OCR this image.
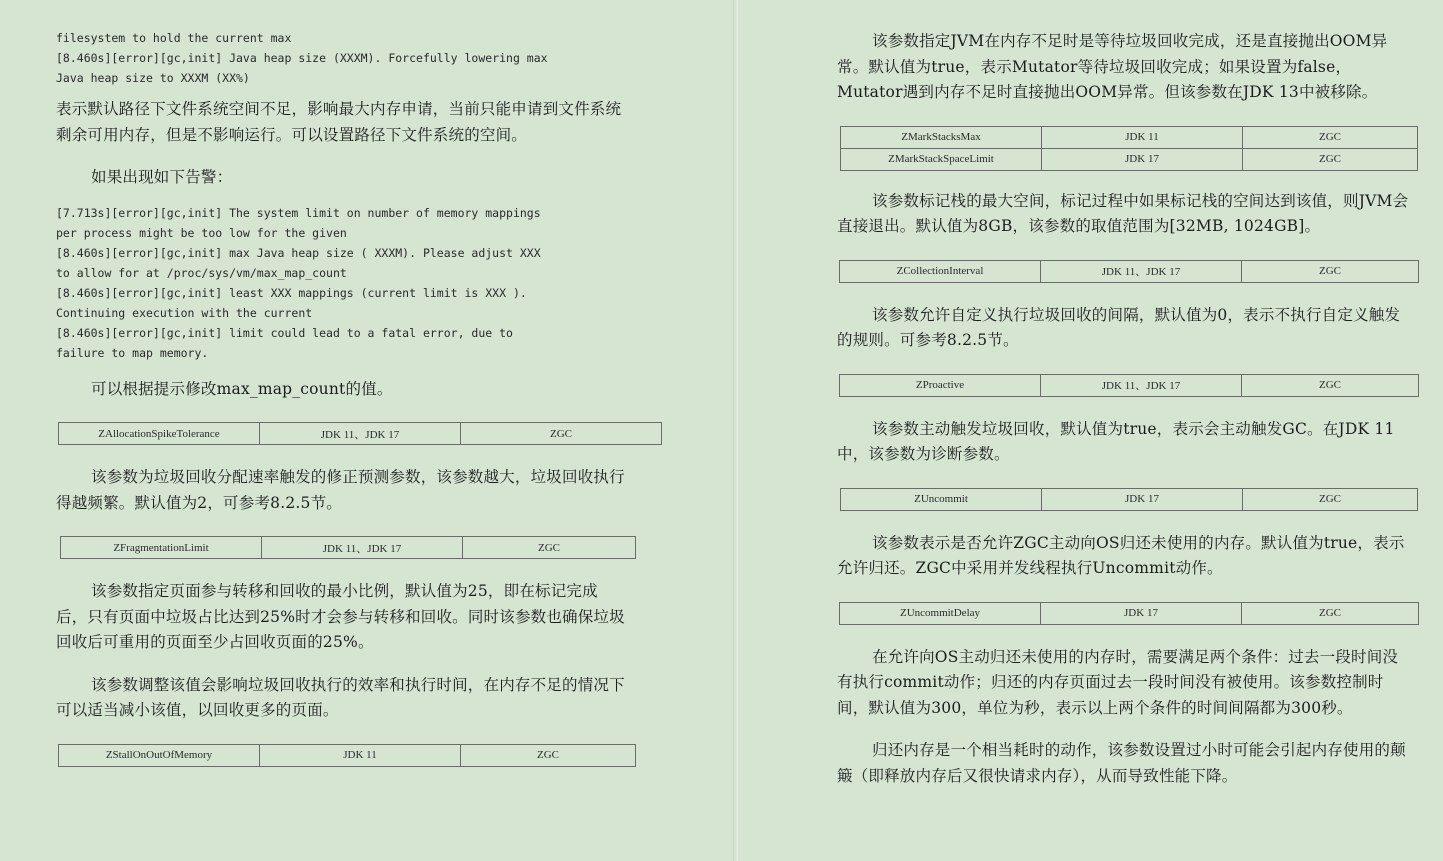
filesystem to hold the current max
[8.460s][error][gc,init] Java heap size (XXXM). Forcefully lowering max
Java heap size to XXXM (XX%)

表示默认路径下文件系统空间不足，影响最大内存申请，当前只能申请到文件系统剩余可用内存，但是不影响运行。可以设置路径下文件系统的空间。

如果出现如下告警：

[7.713s][error][gc,init] The system limit on number of memory mappings
per process might be too low for the given
[8.460s][error][gc,init] max Java heap size ( XXXM). Please adjust XXX
to allow for at /proc/sys/vm/max_map_count
[8.460s][error][gc,init] least XXX mappings (current limit is XXX ).
Continuing execution with the current
[8.460s][error][gc,init] limit could lead to a fatal error, due to
failure to map memory.

可以根据提示修改max_map_count的值。

ZAllocationSpikeTolerance	JDK 11、JDK 17	ZGC

该参数为垃圾回收分配速率触发的修正预测参数，该参数越大，垃圾回收执行得越频繁。默认值为2，可参考8.2.5节。

ZFragmentationLimit	JDK 11、JDK 17	ZGC

该参数指定页面参与转移和回收的最小比例，默认值为25，即在标记完成后，只有页面中垃圾占比达到25%时才会参与转移和回收。同时该参数也确保垃圾回收后可重用的页面至少占回收页面的25%。

该参数调整该值会影响垃圾回收执行的效率和执行时间，在内存不足的情况下可以适当减小该值，以回收更多的页面。

ZStallOnOutOfMemory	JDK 11	ZGC

该参数指定JVM在内存不足时是等待垃圾回收完成，还是直接抛出OOM异常。默认值为true，表示Mutator等待垃圾回收完成；如果设置为false，Mutator遇到内存不足时直接抛出OOM异常。但该参数在JDK 13中被移除。

ZMarkStacksMax	JDK 11	ZGC
ZMarkStackSpaceLimit	JDK 17	ZGC

该参数标记栈的最大空间，标记过程中如果标记栈的空间达到该值，则JVM会直接退出。默认值为8GB，该参数的取值范围为[32MB, 1024GB]。

ZCollectionInterval	JDK 11、JDK 17	ZGC

该参数允许自定义执行垃圾回收的间隔，默认值为0，表示不执行自定义触发的规则。可参考8.2.5节。

ZProactive	JDK 11、JDK 17	ZGC

该参数主动触发垃圾回收，默认值为true，表示会主动触发GC。在JDK 11中，该参数为诊断参数。

ZUncommit	JDK 17	ZGC

该参数表示是否允许ZGC主动向OS归还未使用的内存。默认值为true，表示允许归还。ZGC中采用并发线程执行Uncommit动作。

ZUncommitDelay	JDK 17	ZGC

在允许向OS主动归还未使用的内存时，需要满足两个条件：过去一段时间没有执行commit动作；归还的内存页面过去一段时间没有被使用。该参数控制时间，默认值为300，单位为秒，表示以上两个条件的时间间隔都为300秒。

归还内存是一个相当耗时的动作，该参数设置过小时可能会引起内存使用的颠簸（即释放内存后又很快请求内存），从而导致性能下降。
